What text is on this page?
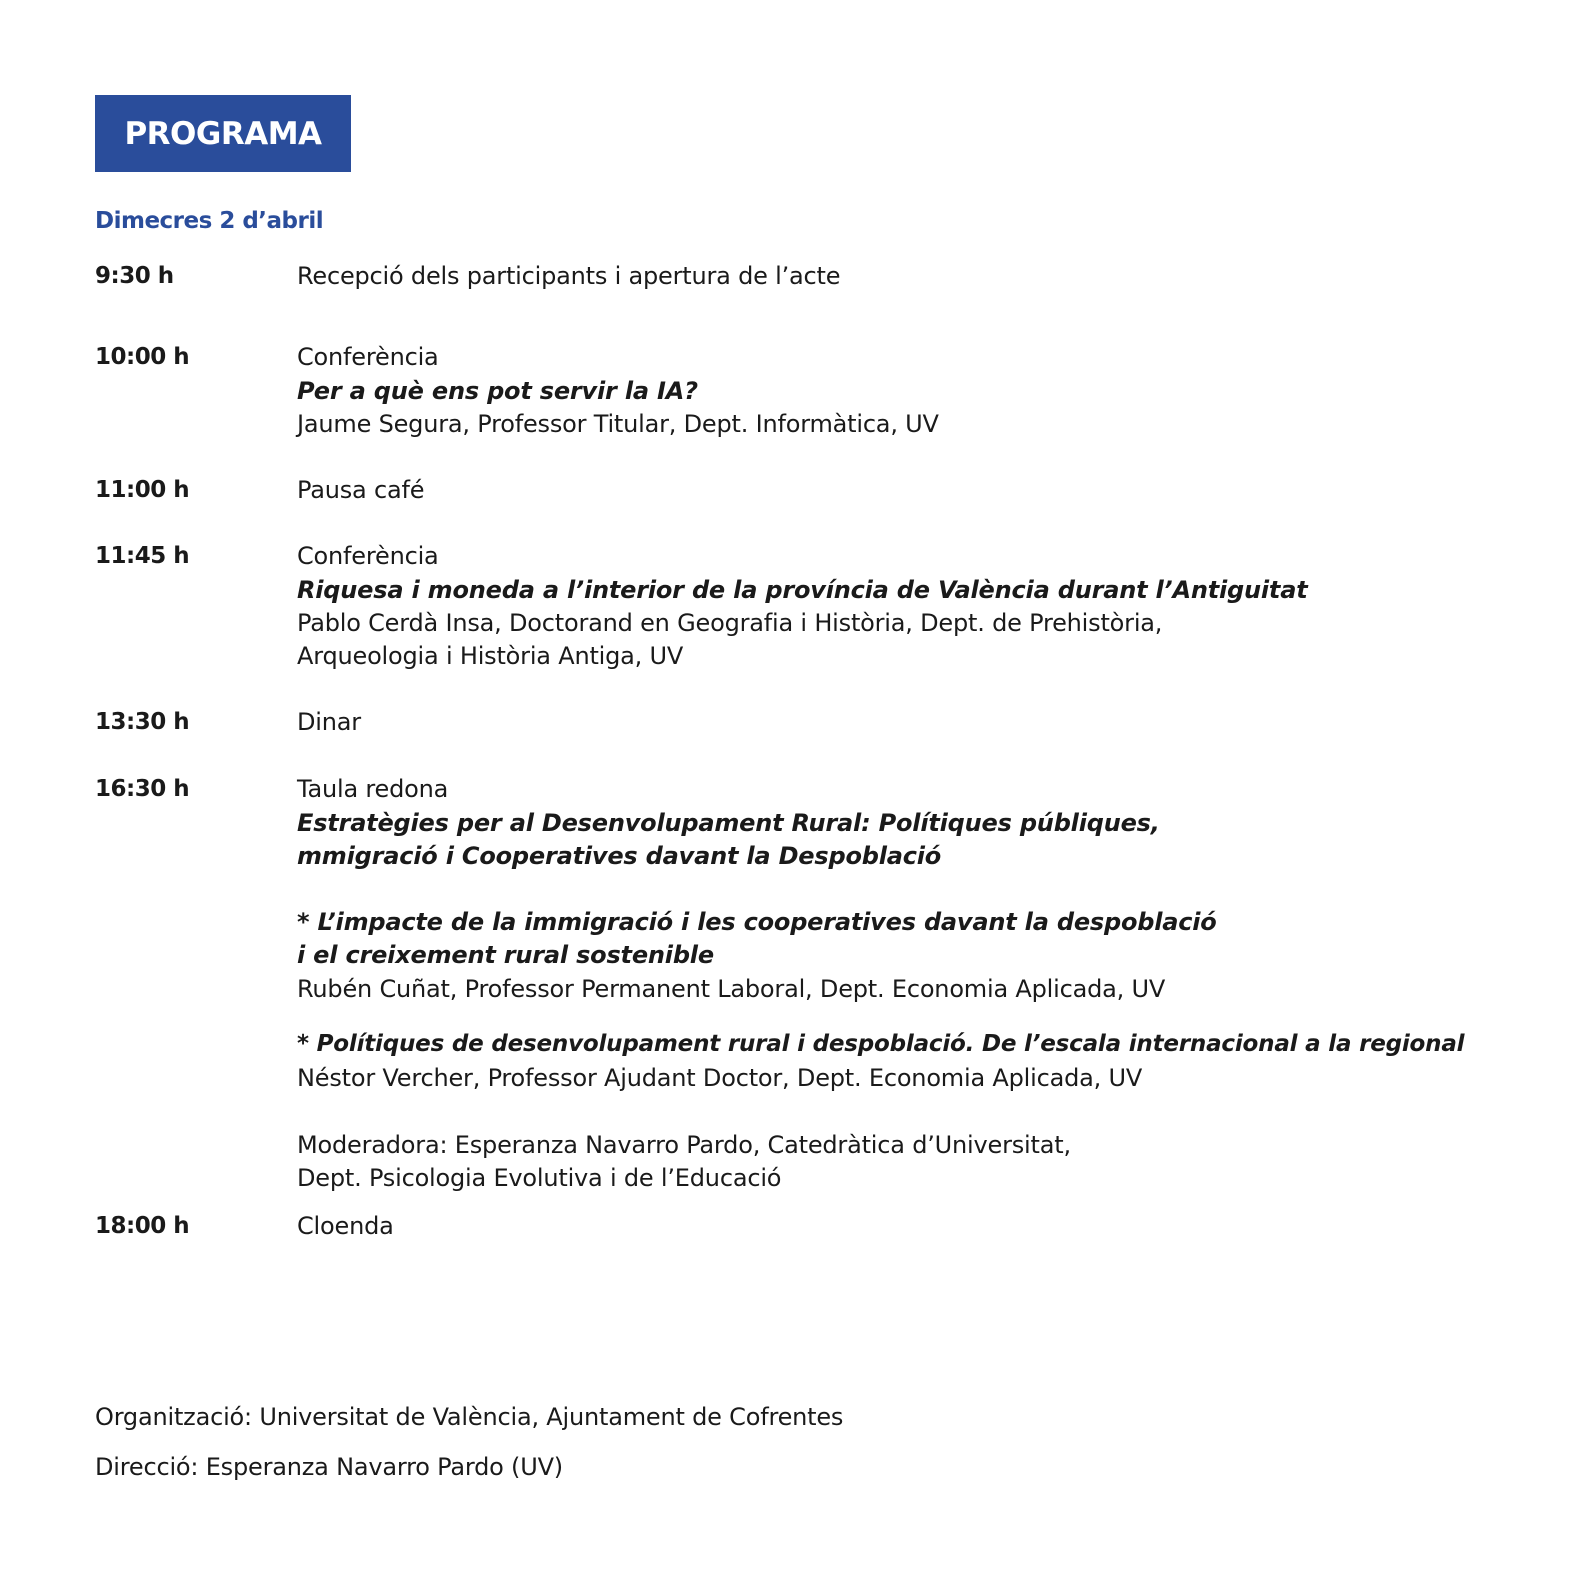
PROGRAMA
Dimecres 2 d’abril
9:30 h	Recepció dels participants i apertura de l’acte
10:00 h	Conferència
Per a què ens pot servir la IA?
Jaume Segura, Professor Titular, Dept. Informàtica, UV
11:00 h	Pausa café
11:45 h	Conferència
Riquesa i moneda a l’interior de la província de València durant l’Antiguitat
Pablo Cerdà Insa, Doctorand en Geografia i Història, Dept. de Prehistòria,
Arqueologia i Història Antiga, UV
13:30 h	Dinar
16:30 h	Taula redona
Estratègies per al Desenvolupament Rural: Polítiques públiques,
mmigració i Cooperatives davant la Despoblació
* L’impacte de la immigració i les cooperatives davant la despoblació
i el creixement rural sostenible
Rubén Cuñat, Professor Permanent Laboral, Dept. Economia Aplicada, UV
* Polítiques de desenvolupament rural i despoblació. De l’escala internacional a la regional
Néstor Vercher, Professor Ajudant Doctor, Dept. Economia Aplicada, UV
Moderadora: Esperanza Navarro Pardo, Catedràtica d’Universitat,
Dept. Psicologia Evolutiva i de l’Educació
18:00 h	Cloenda
Organització: Universitat de València, Ajuntament de Cofrentes
Direcció: Esperanza Navarro Pardo (UV)
